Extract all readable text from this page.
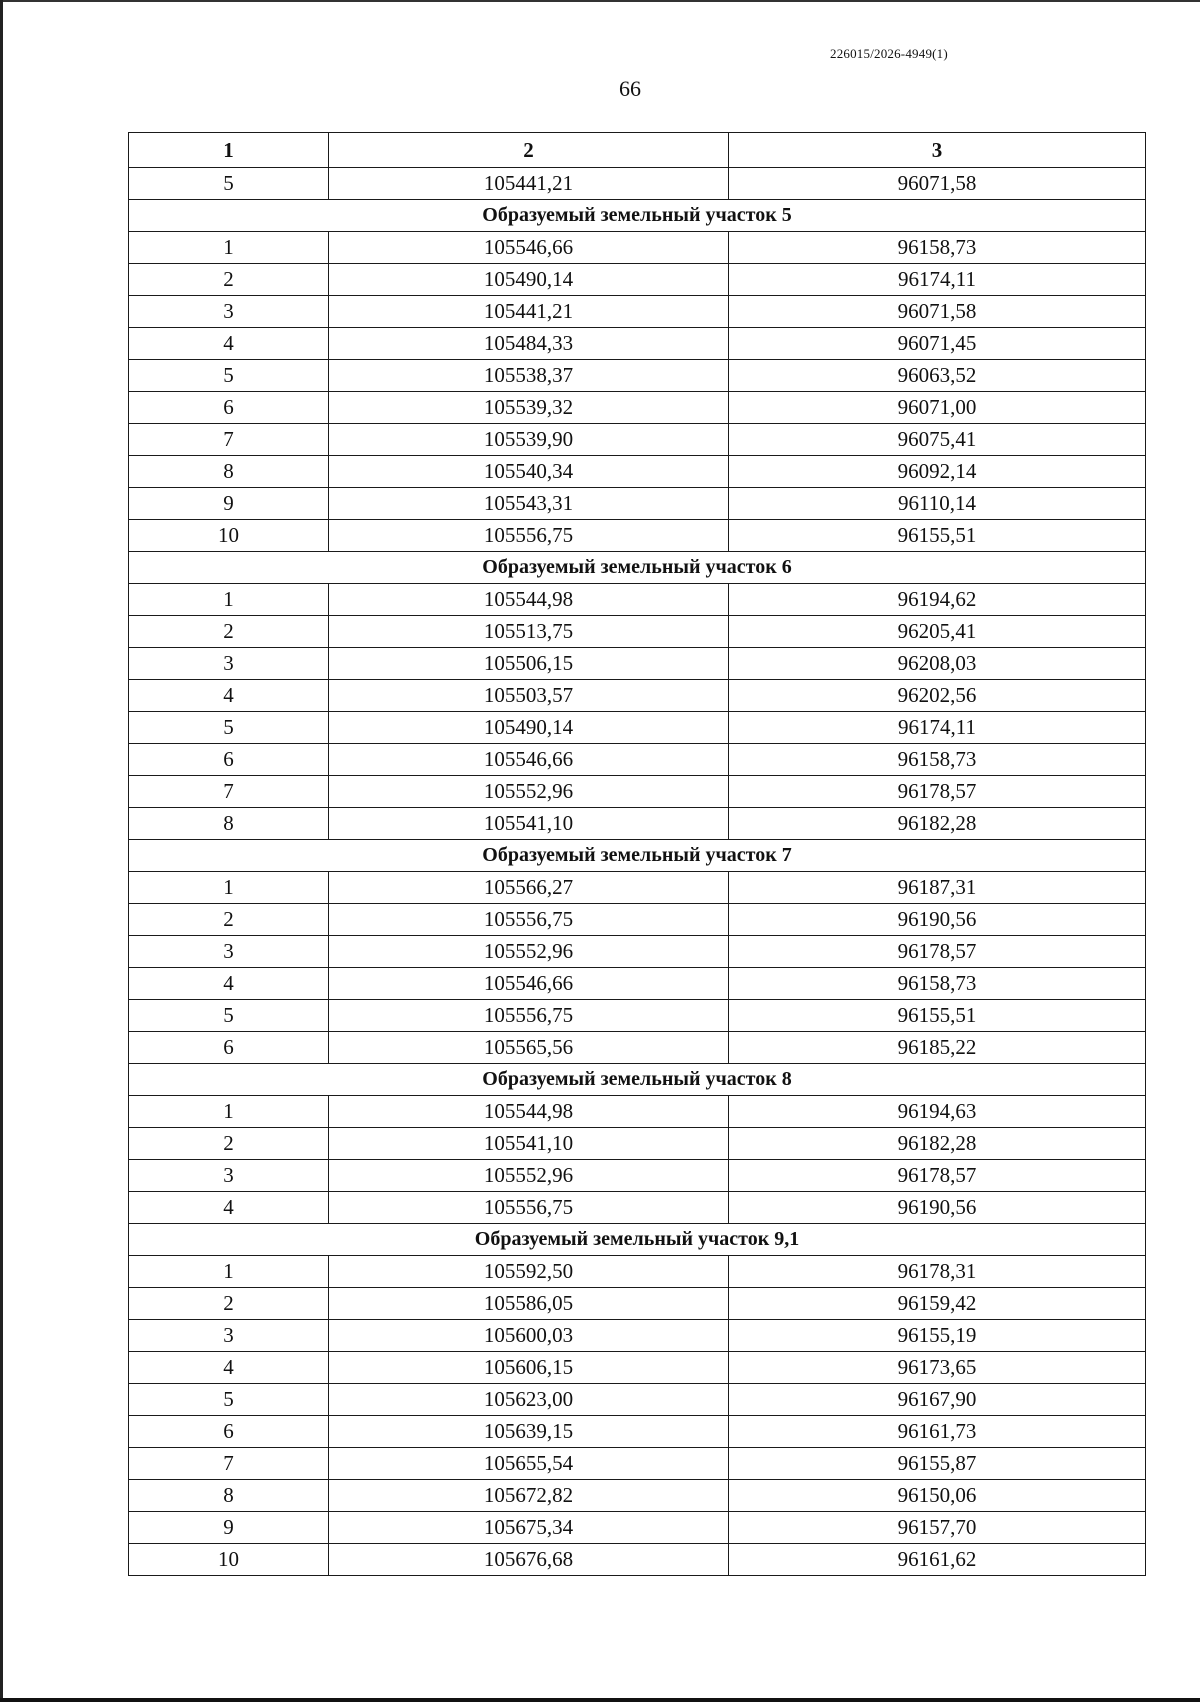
226015/2026-4949(1)
66
1	2	3
5	105441,21	96071,58
Образуемый земельный участок 5		
1	105546,66	96158,73
2	105490,14	96174,11
3	105441,21	96071,58
4	105484,33	96071,45
5	105538,37	96063,52
6	105539,32	96071,00
7	105539,90	96075,41
8	105540,34	96092,14
9	105543,31	96110,14
10	105556,75	96155,51
Образуемый земельный участок 6		
1	105544,98	96194,62
2	105513,75	96205,41
3	105506,15	96208,03
4	105503,57	96202,56
5	105490,14	96174,11
6	105546,66	96158,73
7	105552,96	96178,57
8	105541,10	96182,28
Образуемый земельный участок 7		
1	105566,27	96187,31
2	105556,75	96190,56
3	105552,96	96178,57
4	105546,66	96158,73
5	105556,75	96155,51
6	105565,56	96185,22
Образуемый земельный участок 8		
1	105544,98	96194,63
2	105541,10	96182,28
3	105552,96	96178,57
4	105556,75	96190,56
Образуемый земельный участок 9,1		
1	105592,50	96178,31
2	105586,05	96159,42
3	105600,03	96155,19
4	105606,15	96173,65
5	105623,00	96167,90
6	105639,15	96161,73
7	105655,54	96155,87
8	105672,82	96150,06
9	105675,34	96157,70
10	105676,68	96161,62
